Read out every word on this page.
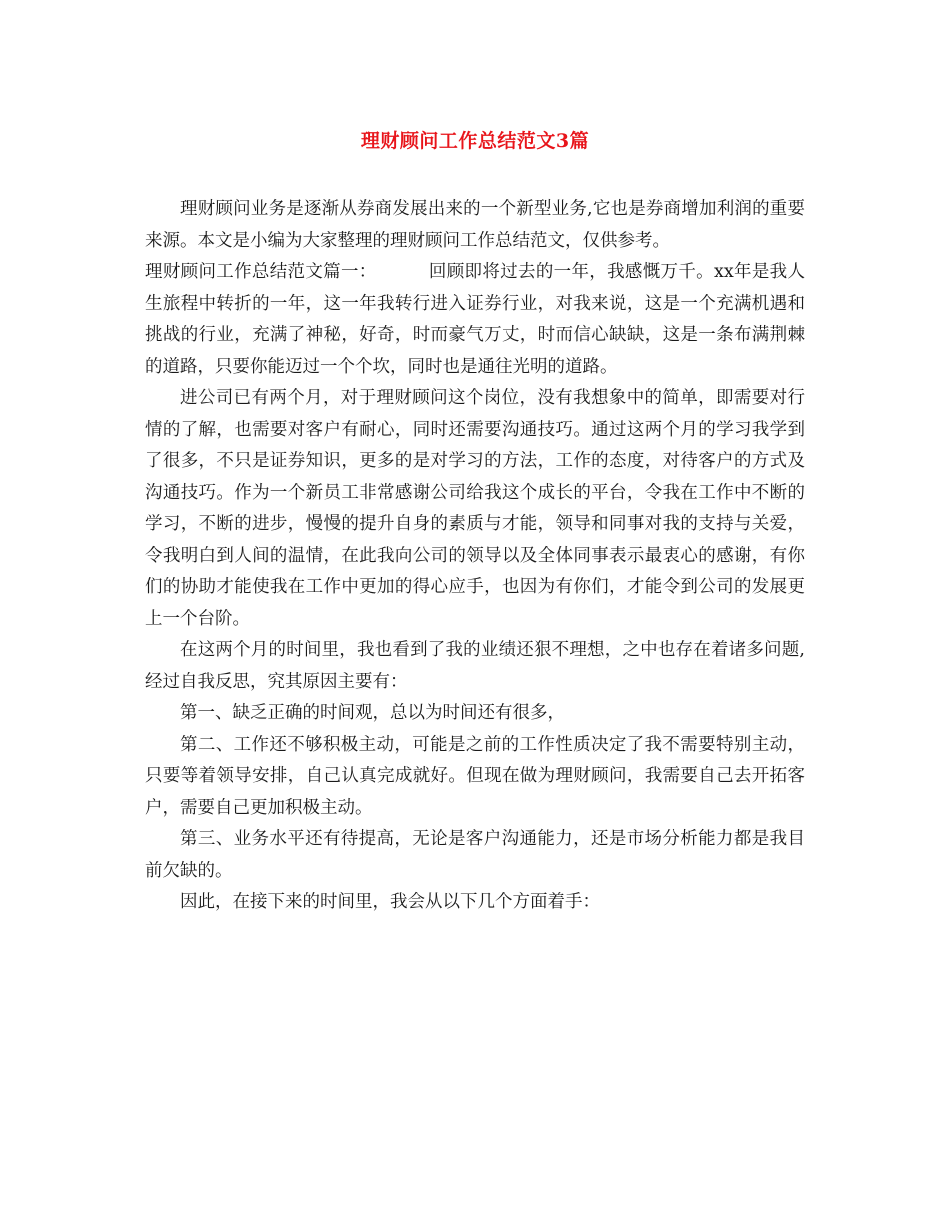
理财顾问工作总结范文3篇

理财顾问业务是逐渐从券商发展出来的一个新型业务,它也是券商增加利润的重要来源。本文是小编为大家整理的理财顾问工作总结范文，仅供参考。

理财顾问工作总结范文篇一：	回顾即将过去的一年，我感慨万千。xx年是我人生旅程中转折的一年，这一年我转行进入证券行业，对我来说，这是一个充满机遇和挑战的行业，充满了神秘，好奇，时而豪气万丈，时而信心缺缺，这是一条布满荆棘的道路，只要你能迈过一个个坎，同时也是通往光明的道路。

进公司已有两个月，对于理财顾问这个岗位，没有我想象中的简单，即需要对行情的了解，也需要对客户有耐心，同时还需要沟通技巧。通过这两个月的学习我学到了很多，不只是证券知识，更多的是对学习的方法，工作的态度，对待客户的方式及沟通技巧。作为一个新员工非常感谢公司给我这个成长的平台，令我在工作中不断的学习，不断的进步，慢慢的提升自身的素质与才能，领导和同事对我的支持与关爱，令我明白到人间的温情，在此我向公司的领导以及全体同事表示最衷心的感谢，有你们的协助才能使我在工作中更加的得心应手，也因为有你们，才能令到公司的发展更上一个台阶。

在这两个月的时间里，我也看到了我的业绩还狠不理想，之中也存在着诸多问题,经过自我反思，究其原因主要有：

第一、缺乏正确的时间观，总以为时间还有很多，

第二、工作还不够积极主动，可能是之前的工作性质决定了我不需要特别主动，只要等着领导安排，自己认真完成就好。但现在做为理财顾问，我需要自己去开拓客户，需要自己更加积极主动。

第三、业务水平还有待提高，无论是客户沟通能力，还是市场分析能力都是我目前欠缺的。

因此，在接下来的时间里，我会从以下几个方面着手：
